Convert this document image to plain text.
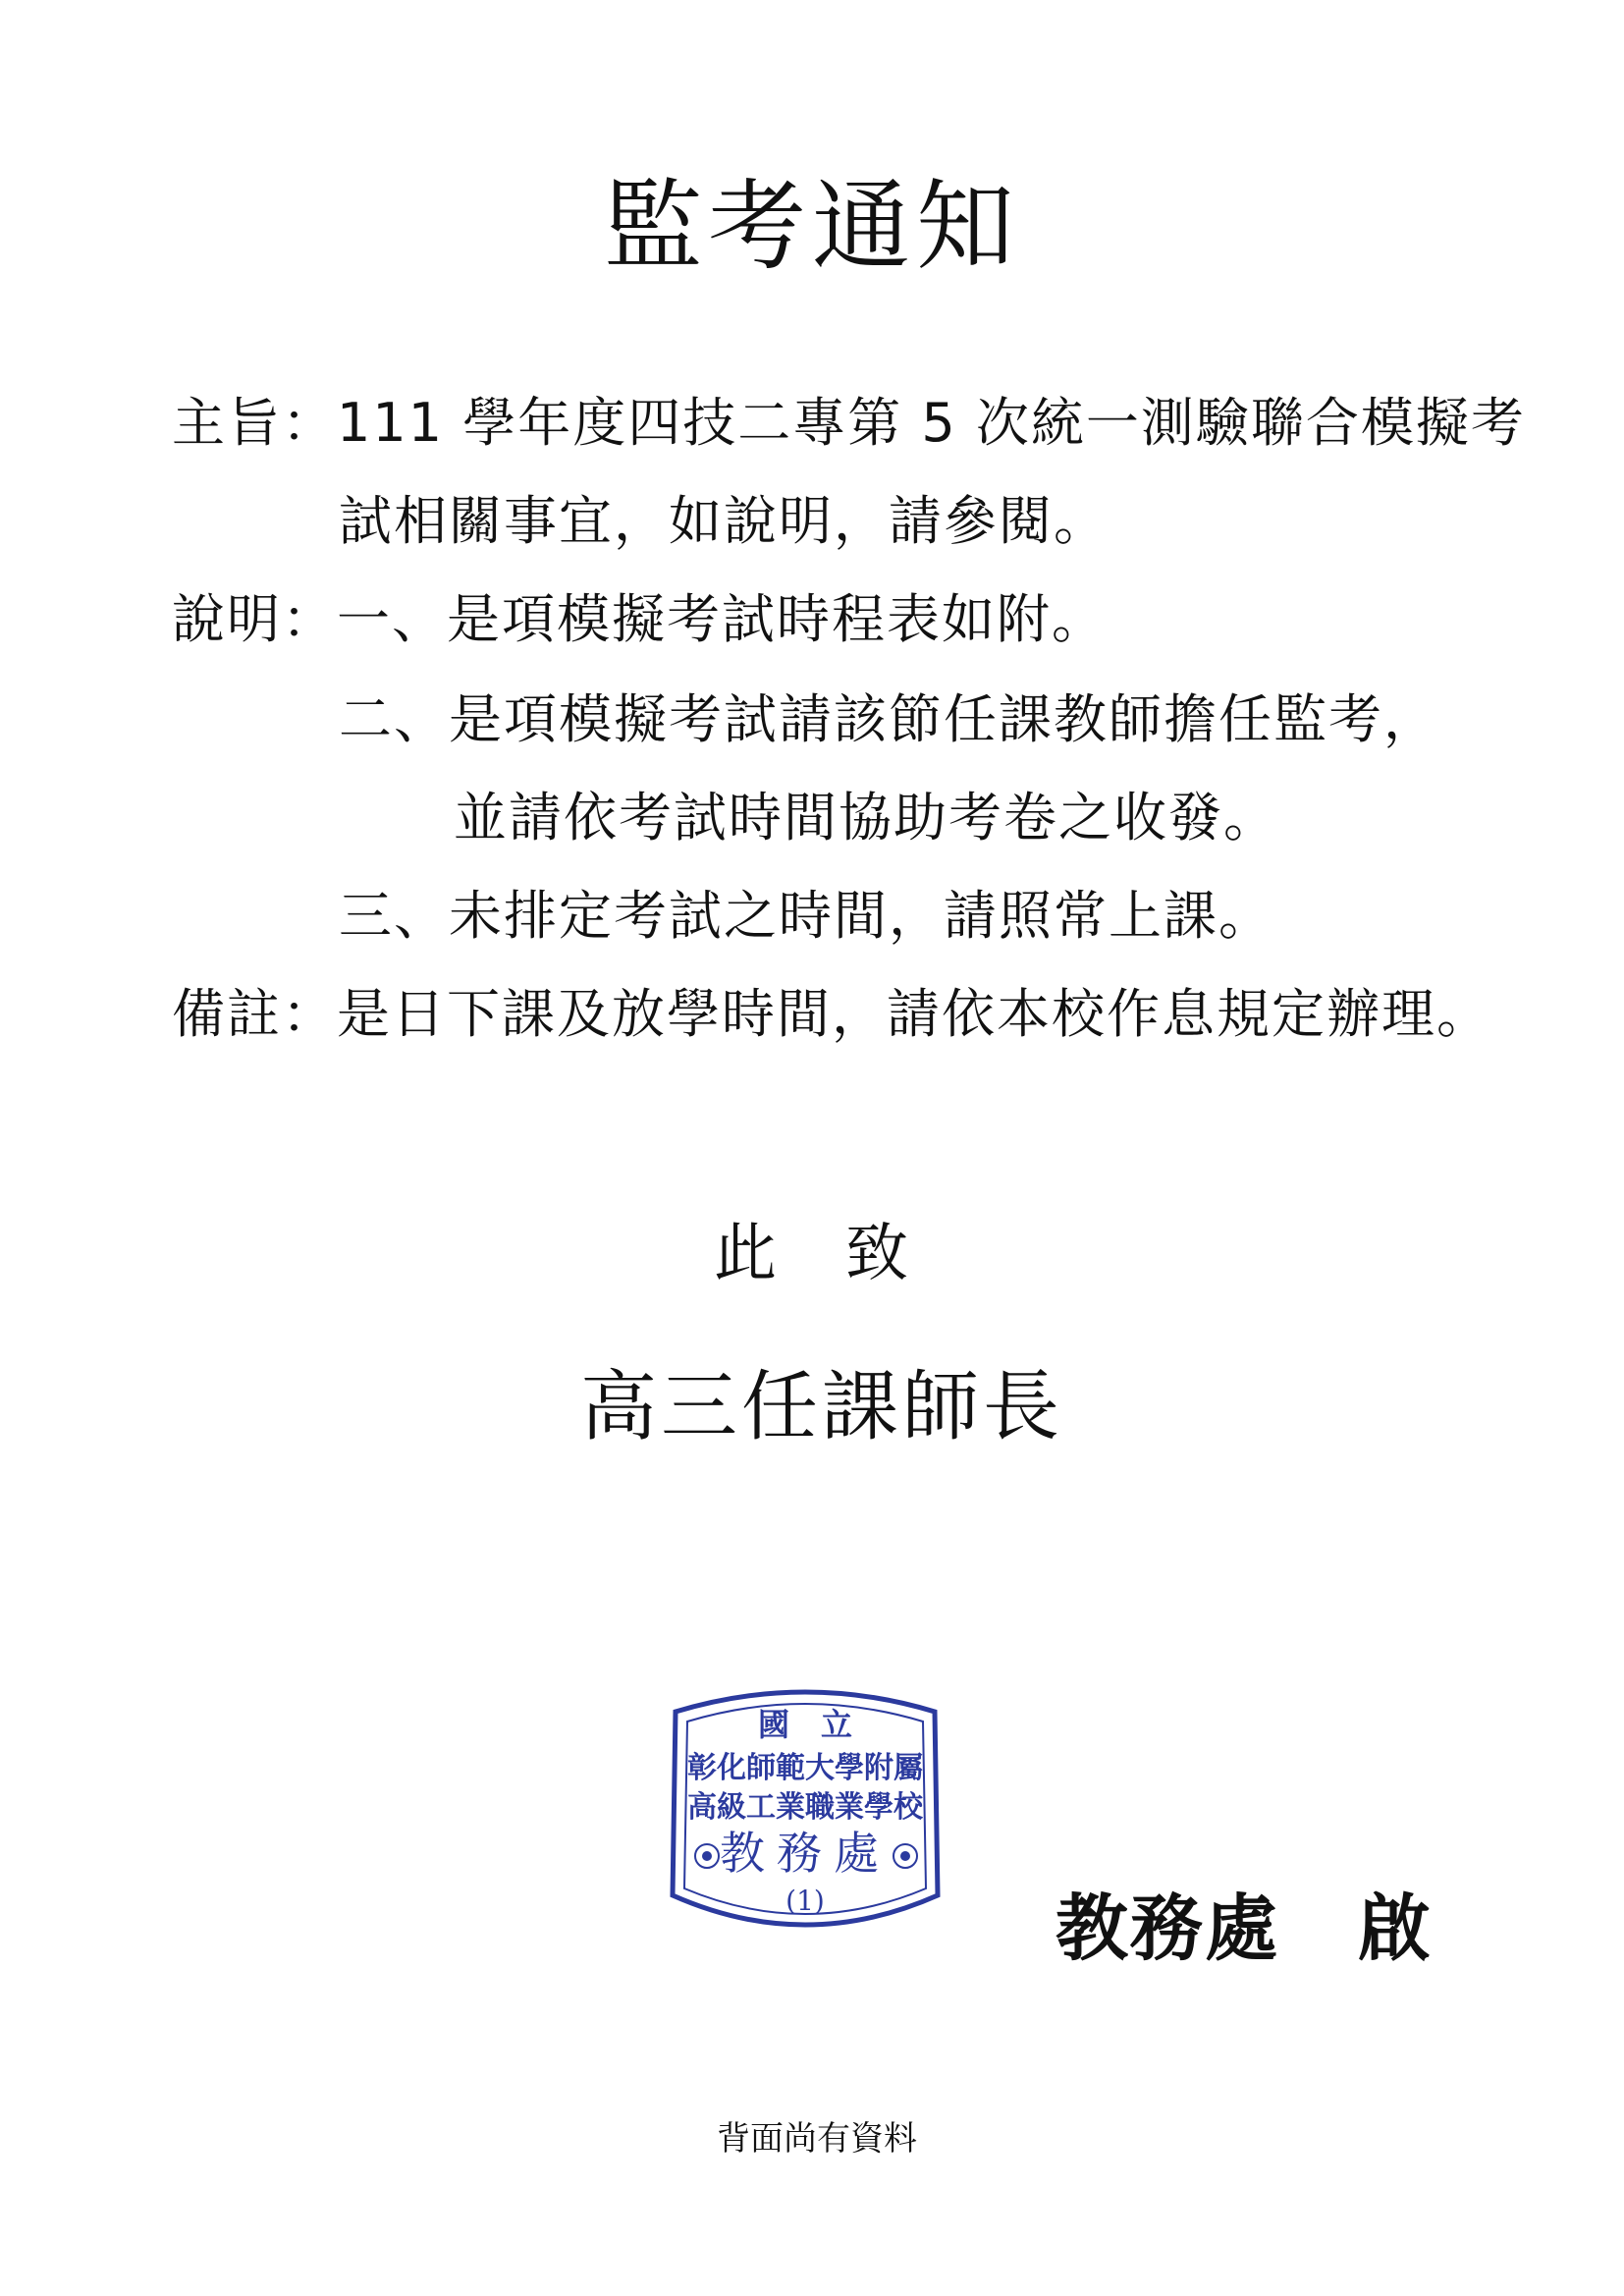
監考通知
主旨：111 學年度四技二專第 5 次統一測驗聯合模擬考
試相關事宜，如說明，請參閱。
說明：一、是項模擬考試時程表如附。
二、是項模擬考試請該節任課教師擔任監考，
並請依考試時間協助考卷之收發。
三、未排定考試之時間，請照常上課。
備註：是日下課及放學時間，請依本校作息規定辦理。
此 致
高三任課師長
國　立
彰化師範大學附屬
高級工業職業學校
教務處
(1)	教務處 啟
背面尚有資料
